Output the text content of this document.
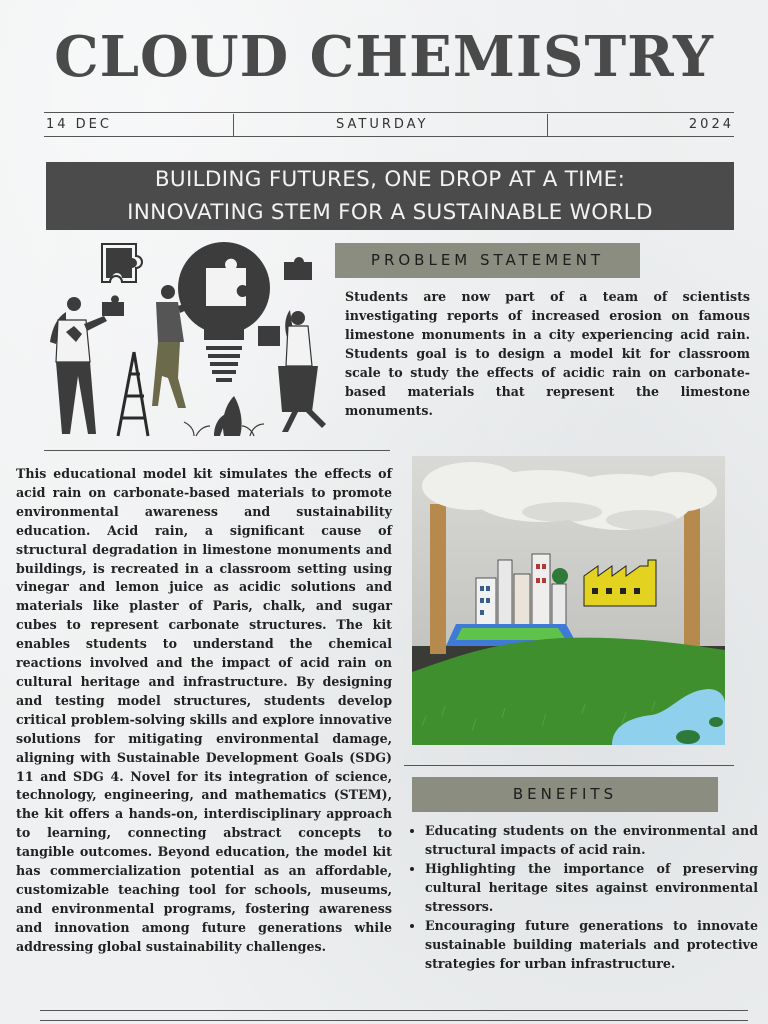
CLOUD CHEMISTRY
14 DEC	SATURDAY	2024
BUILDING FUTURES, ONE DROP AT A TIME:
INNOVATING STEM FOR A SUSTAINABLE WORLD
PROBLEM STATEMENT
Students are now part of a team of scientists investigating reports of increased erosion on famous limestone monuments in a city experiencing acid rain. Students goal is to design a model kit for classroom scale to study the effects of acidic rain on carbonate-based materials that represent the limestone monuments.
This educational model kit simulates the effects of acid rain on carbonate-based materials to promote environmental awareness and sustainability education. Acid rain, a significant cause of structural degradation in limestone monuments and buildings, is recreated in a classroom setting using vinegar and lemon juice as acidic solutions and materials like plaster of Paris, chalk, and sugar cubes to represent carbonate structures. The kit enables students to understand the chemical reactions involved and the impact of acid rain on cultural heritage and infrastructure. By designing and testing model structures, students develop critical problem-solving skills and explore innovative solutions for mitigating environmental damage, aligning with Sustainable Development Goals (SDG) 11 and SDG 4. Novel for its integration of science, technology, engineering, and mathematics (STEM), the kit offers a hands-on, interdisciplinary approach to learning, connecting abstract concepts to tangible outcomes. Beyond education, the model kit has commercialization potential as an affordable, customizable teaching tool for schools, museums, and environmental programs, fostering awareness and innovation among future generations while addressing global sustainability challenges.
BENEFITS
• Educating students on the environmental and structural impacts of acid rain.
• Highlighting the importance of preserving cultural heritage sites against environmental stressors.
• Encouraging future generations to innovate sustainable building materials and protective strategies for urban infrastructure.
